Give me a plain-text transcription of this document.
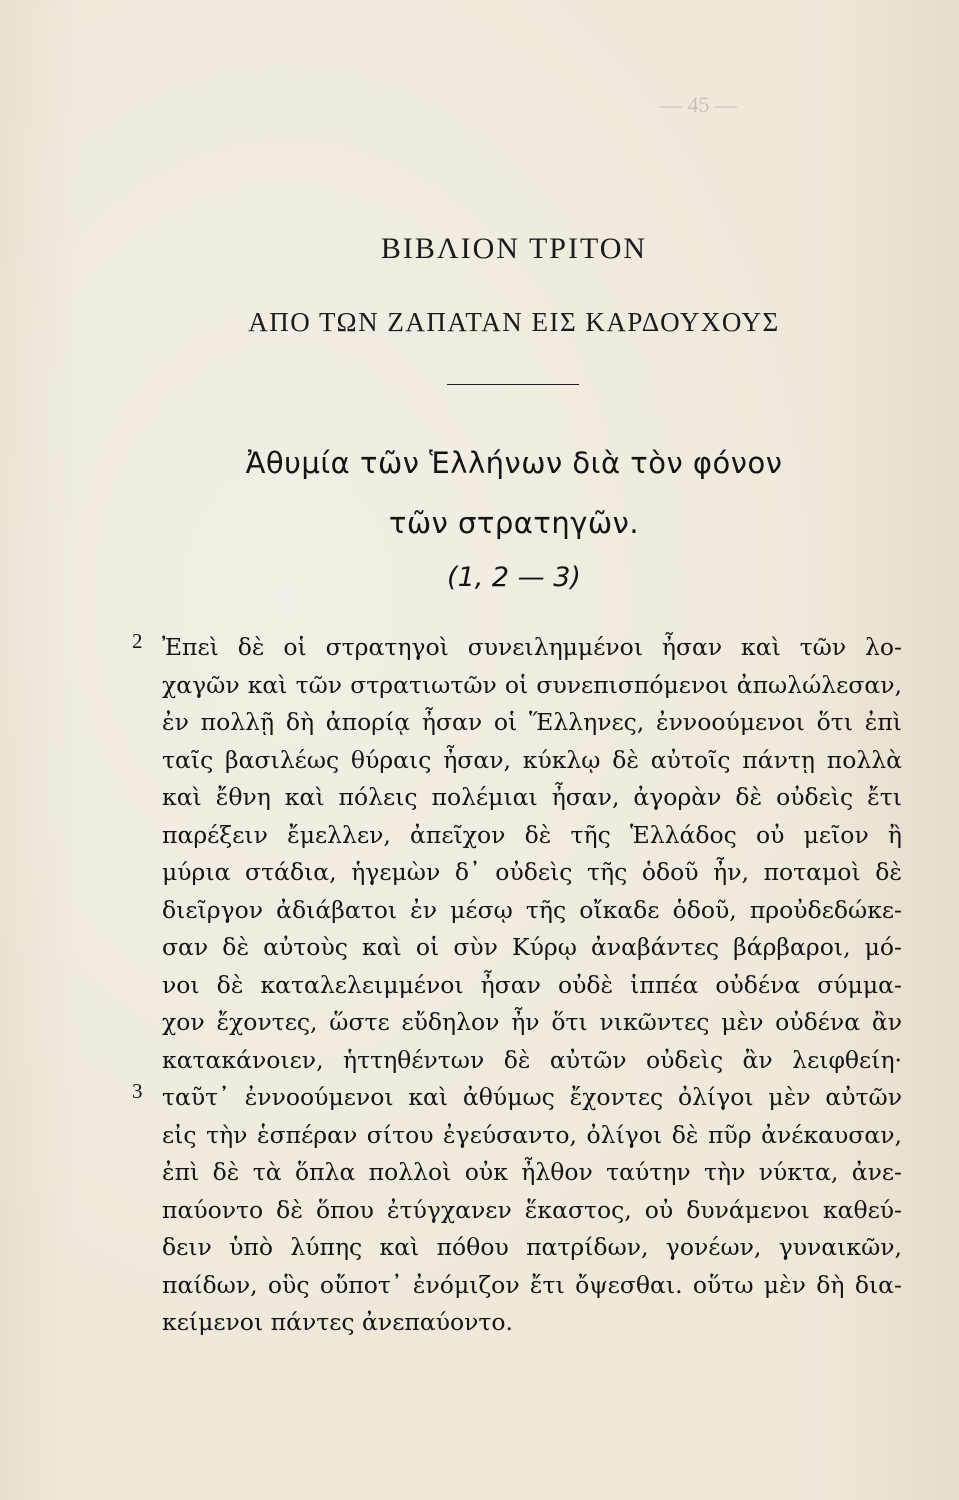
— 45 —
ΒΙΒΛΙΟΝ ΤΡΙΤΟΝ
ΑΠΟ ΤΩΝ ΖΑΠΑΤΑΝ ΕΙΣ ΚΑΡΔΟΥΧΟΥΣ
Ἀθυμία τῶν Ἑλλήνων διὰ τὸν φόνον
τῶν στρατηγῶν.
(1, 2 — 3)
2 Ἐπεὶ δὲ οἱ στρατηγοὶ συνειλημμένοι ἦσαν καὶ τῶν λο-
χαγῶν καὶ τῶν στρατιωτῶν οἱ συνεπισπόμενοι ἀπωλώλεσαν,
ἐν πολλῇ δὴ ἀπορίᾳ ἦσαν οἱ Ἕλληνες, ἐννοούμενοι ὅτι ἐπὶ
ταῖς βασιλέως θύραις ἦσαν, κύκλῳ δὲ αὐτοῖς πάντῃ πολλὰ
καὶ ἔθνη καὶ πόλεις πολέμιαι ἦσαν, ἀγορὰν δὲ οὐδεὶς ἔτι
παρέξειν ἔμελλεν, ἀπεῖχον δὲ τῆς Ἑλλάδος οὐ μεῖον ἢ
μύρια στάδια, ἡγεμὼν δ᾿ οὐδεὶς τῆς ὁδοῦ ἦν, ποταμοὶ δὲ
διεῖργον ἀδιάβατοι ἐν μέσῳ τῆς οἴκαδε ὁδοῦ, προὐδεδώκε-
σαν δὲ αὐτοὺς καὶ οἱ σὺν Κύρῳ ἀναβάντες βάρβαροι, μό-
νοι δὲ καταλελειμμένοι ἦσαν οὐδὲ ἱππέα οὐδένα σύμμα-
χον ἔχοντες, ὥστε εὔδηλον ἦν ὅτι νικῶντες μὲν οὐδένα ἂν
κατακάνοιεν, ἡττηθέντων δὲ αὐτῶν οὐδεὶς ἂν λειφθείη·
3 ταῦτ᾿ ἐννοούμενοι καὶ ἀθύμως ἔχοντες ὀλίγοι μὲν αὐτῶν
εἰς τὴν ἑσπέραν σίτου ἐγεύσαντο, ὀλίγοι δὲ πῦρ ἀνέκαυσαν,
ἐπὶ δὲ τὰ ὅπλα πολλοὶ οὐκ ἦλθον ταύτην τὴν νύκτα, ἀνε-
παύοντο δὲ ὅπου ἐτύγχανεν ἕκαστος, οὐ δυνάμενοι καθεύ-
δειν ὑπὸ λύπης καὶ πόθου πατρίδων, γονέων, γυναικῶν,
παίδων, οὓς οὔποτ᾿ ἐνόμιζον ἔτι ὄψεσθαι. οὕτω μὲν δὴ δια-
κείμενοι πάντες ἀνεπαύοντο.
